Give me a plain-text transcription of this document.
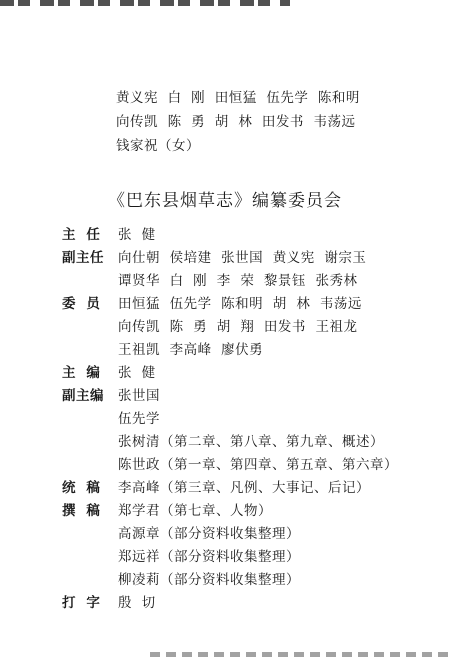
黄义宪  白  刚  田恒猛  伍先学  陈和明
向传凯  陈  勇  胡  林  田发书  韦荡远
钱家祝（女）
《巴东县烟草志》编纂委员会
主  任	张  健
副主任	向仕朝  侯培建  张世国  黄义宪  谢宗玉
谭贤华  白  刚  李  荣  黎景钰  张秀林
委  员	田恒猛  伍先学  陈和明  胡  林  韦荡远
向传凯  陈  勇  胡  翔  田发书  王祖龙
王祖凯  李高峰  廖伏勇
主  编	张  健
副主编	张世国
伍先学
张树清（第二章、第八章、第九章、概述）
陈世政（第一章、第四章、第五章、第六章）
统  稿	李高峰（第三章、凡例、大事记、后记）
撰  稿	郑学君（第七章、人物）
高源章（部分资料收集整理）
郑远祥（部分资料收集整理）
柳凌莉（部分资料收集整理）
打  字	殷  切
